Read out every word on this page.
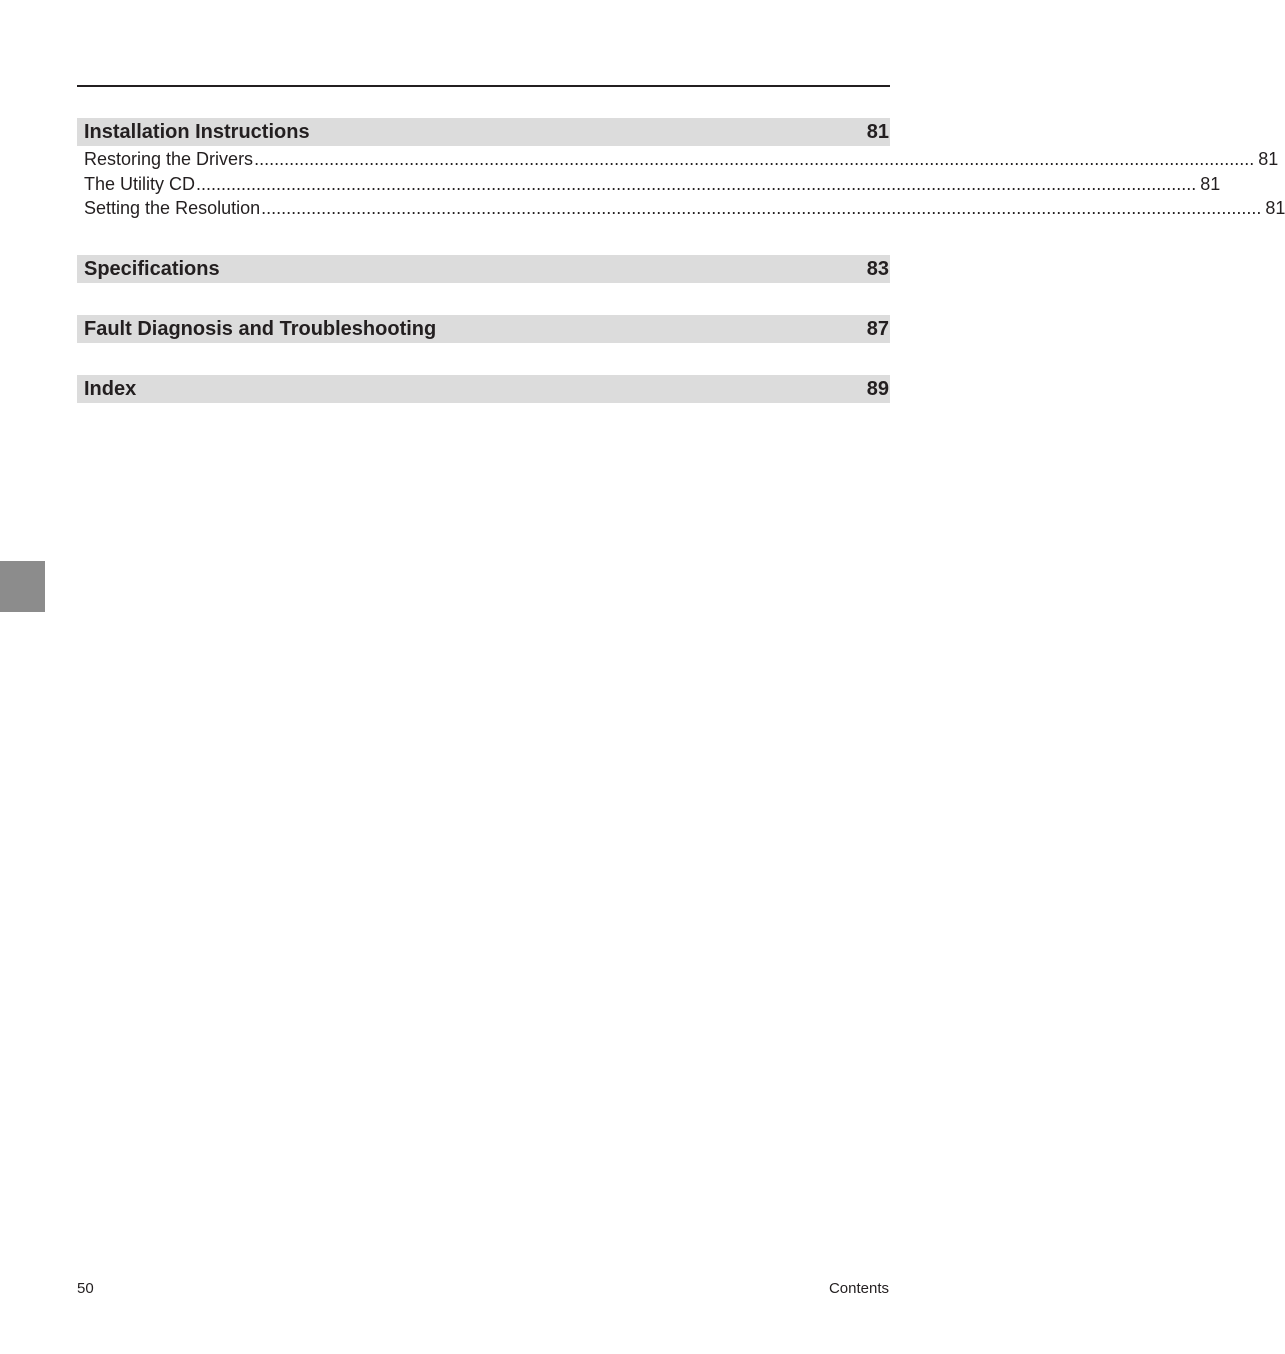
Installation Instructions	81
Restoring the Drivers ........................................................................................................................................................................................................ 81
The Utility CD ........................................................................................................................................................................................................ 81
Setting the Resolution ........................................................................................................................................................................................................ 81
Specifications	83
Fault Diagnosis and Troubleshooting	87
Index	89
50	Contents
